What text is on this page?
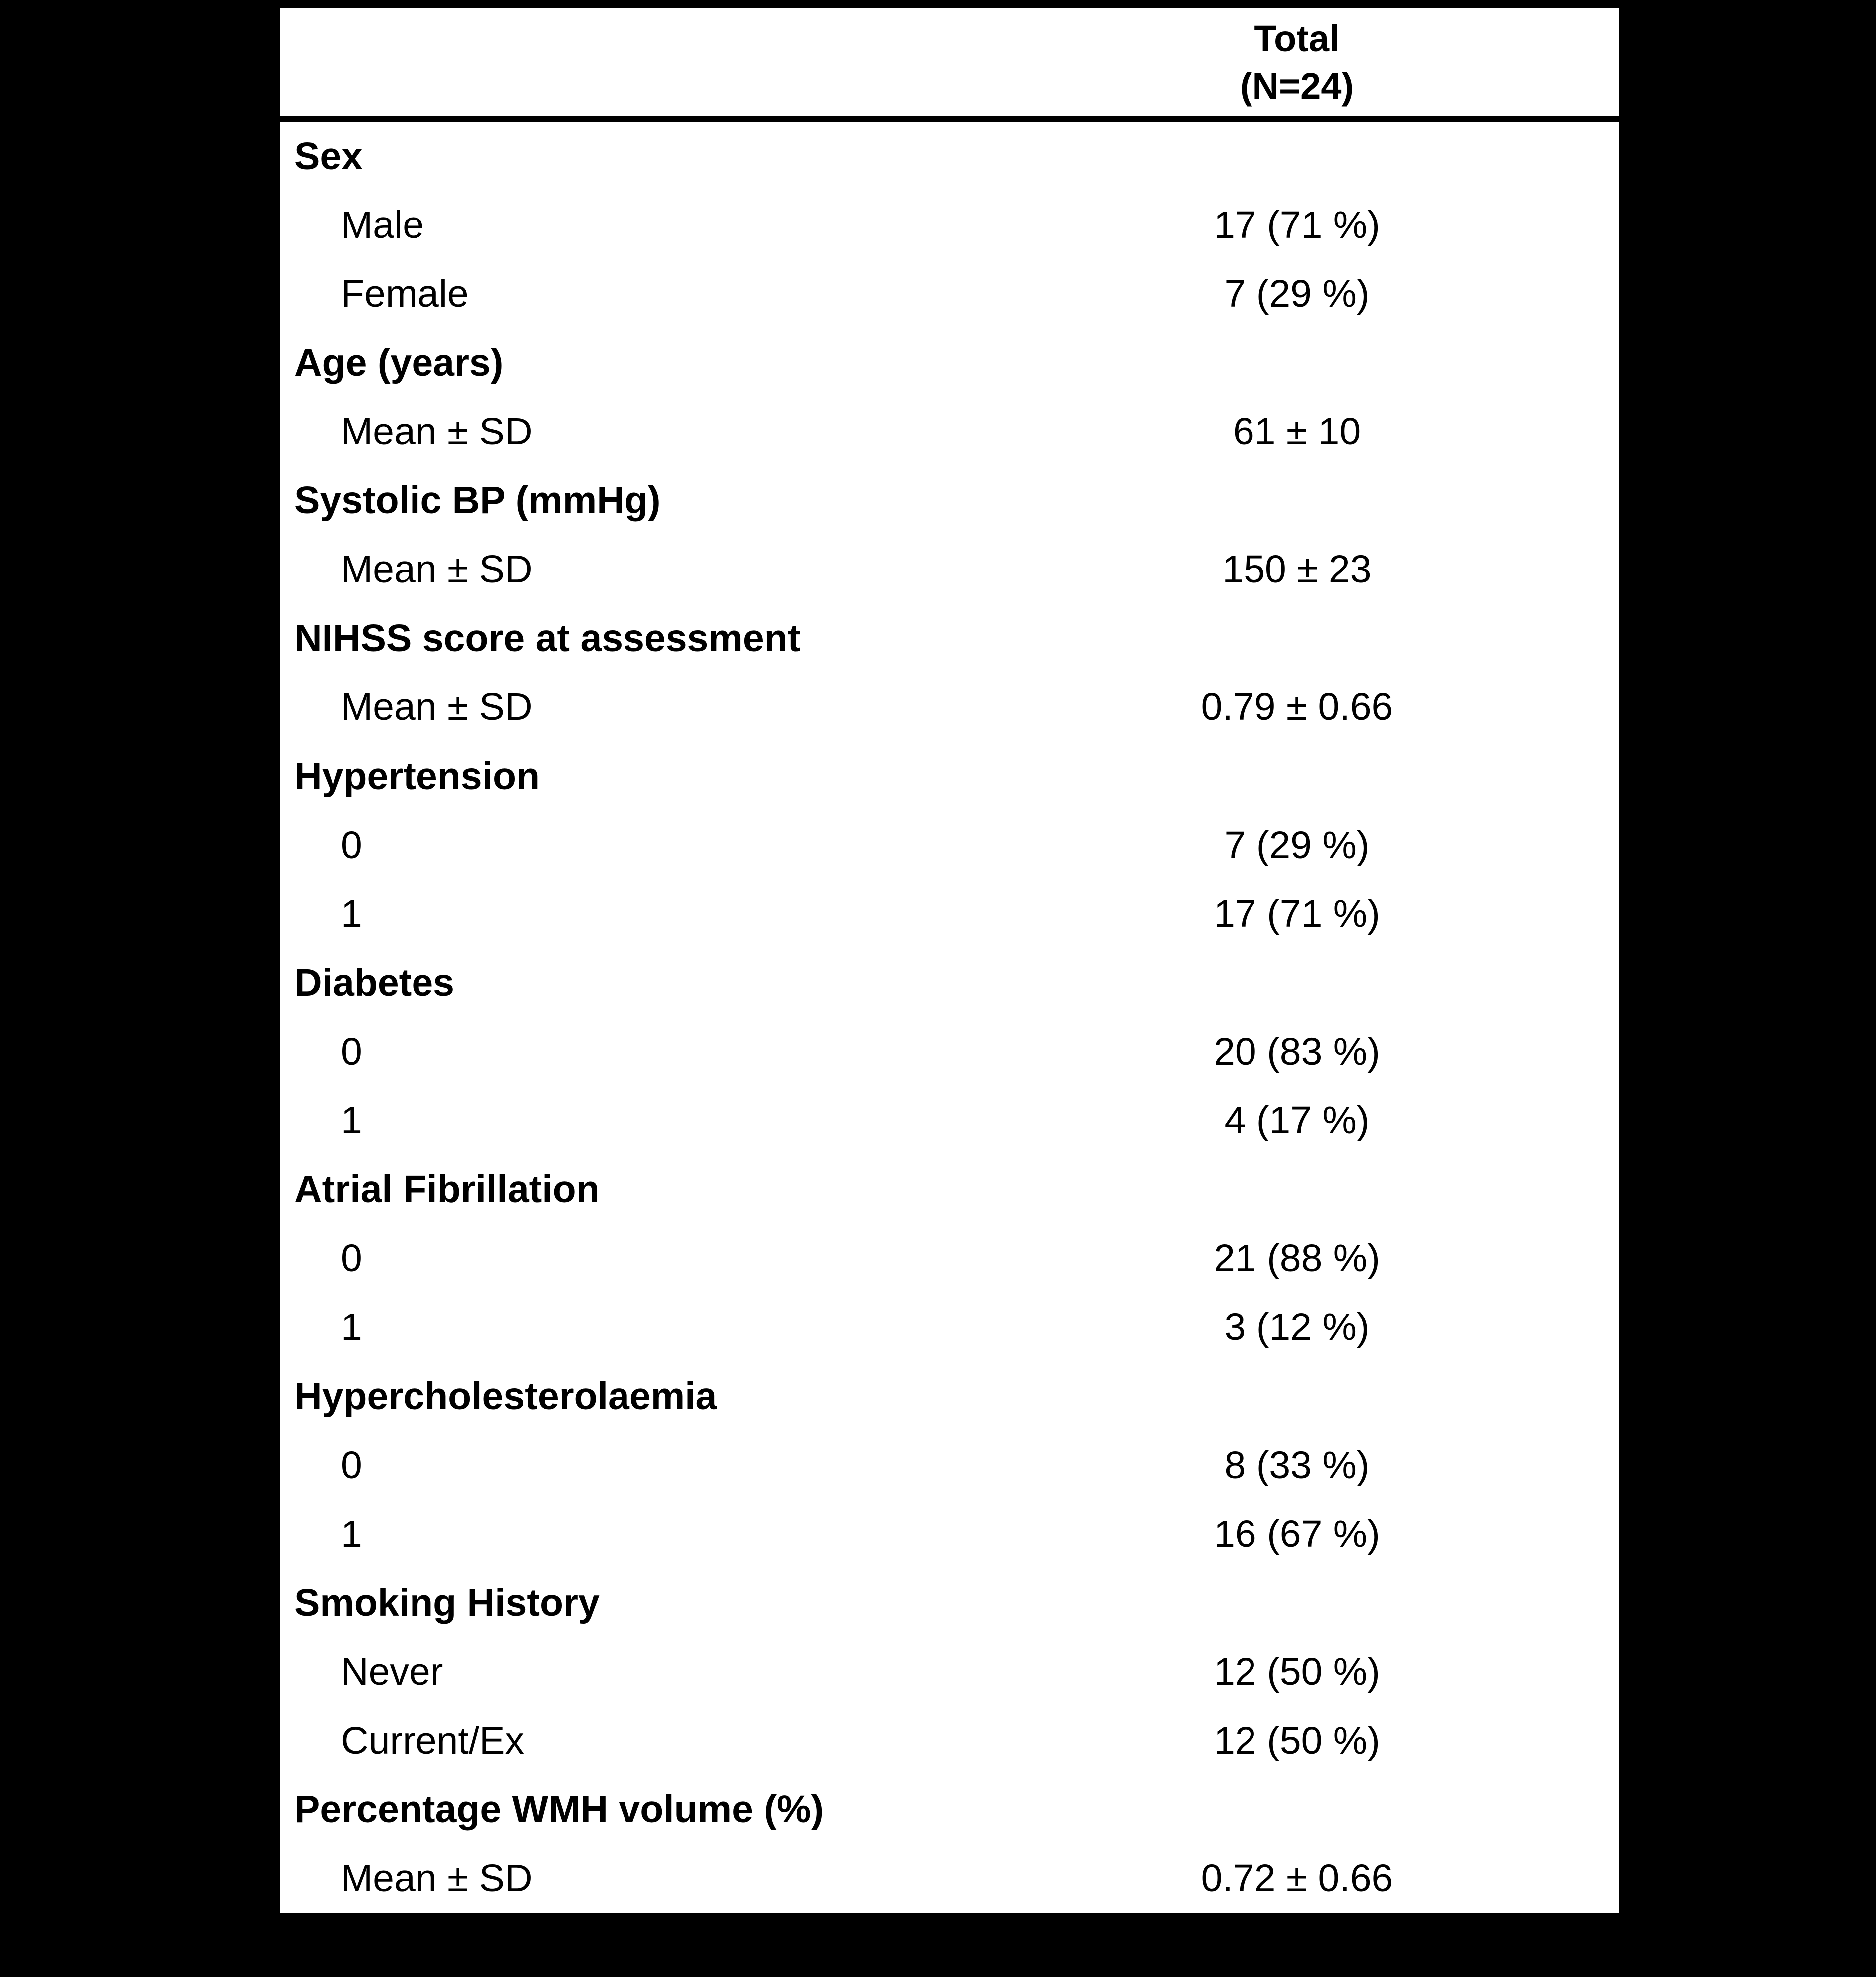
Total
(N=24)
Sex
Male	17 (71 %)
Female	7 (29 %)
Age (years)
Mean ± SD	61 ± 10
Systolic BP (mmHg)
Mean ± SD	150 ± 23
NIHSS score at assessment
Mean ± SD	0.79 ± 0.66
Hypertension
0	7 (29 %)
1	17 (71 %)
Diabetes
0	20 (83 %)
1	4 (17 %)
Atrial Fibrillation
0	21 (88 %)
1	3 (12 %)
Hypercholesterolaemia
0	8 (33 %)
1	16 (67 %)
Smoking History
Never	12 (50 %)
Current/Ex	12 (50 %)
Percentage WMH volume (%)
Mean ± SD	0.72 ± 0.66
